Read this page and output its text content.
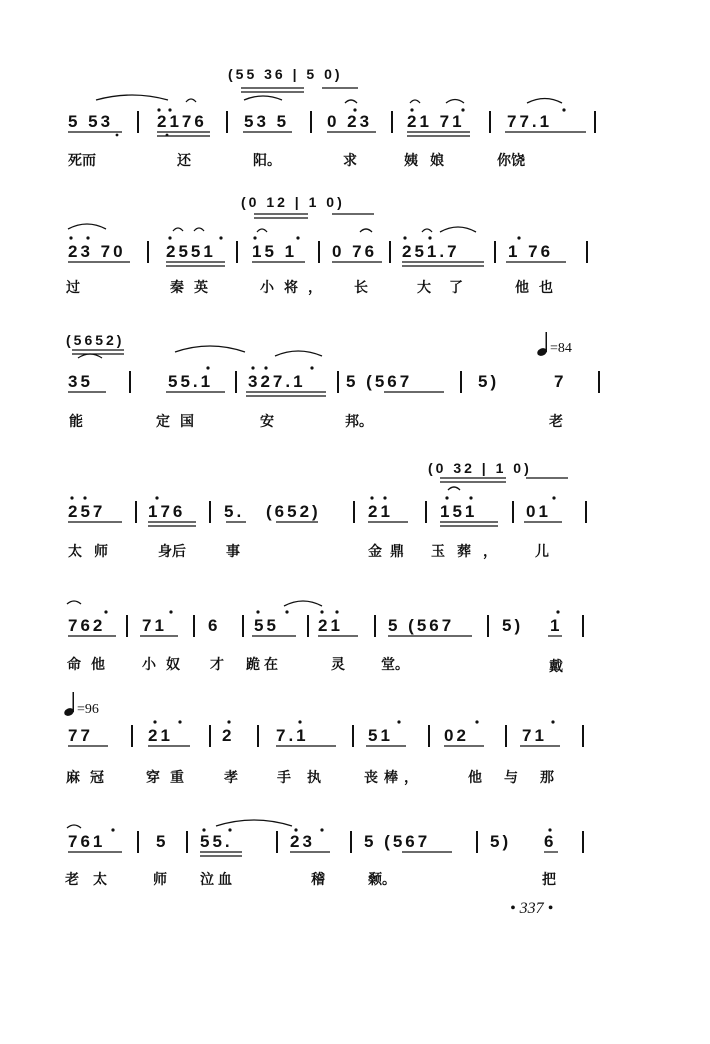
(55 36 | 5 0)
5 53	2176 53 5 0 23 21 71 77.1
死而	还	阳。	求	姨娘	你饶
(0 12 | 1 0)
23 70 2551 15 1 0 76 251.7	1 76
过	秦英	小将， 长	大了 他也
(5652)
=84
35	55.1 327.1 5 (567	5)	7
能	定国	安	邦。	老
(0 32 | 1 0)
257	176 5. (652)	21	151	01
太师	身后	事	金鼎 玉葬， 儿
762 71 6 55 21	5 (567	5) 1
命他 小奴 才 跪在	灵	堂。	戴
=96
77	21	2 7.1	51	02	71
麻冠 穿重 孝	手执 丧棒，	他与那
761	5 55.	23	5 (567	5) 6
老太 师 泣血	稽	颡。	把
• 337 •
